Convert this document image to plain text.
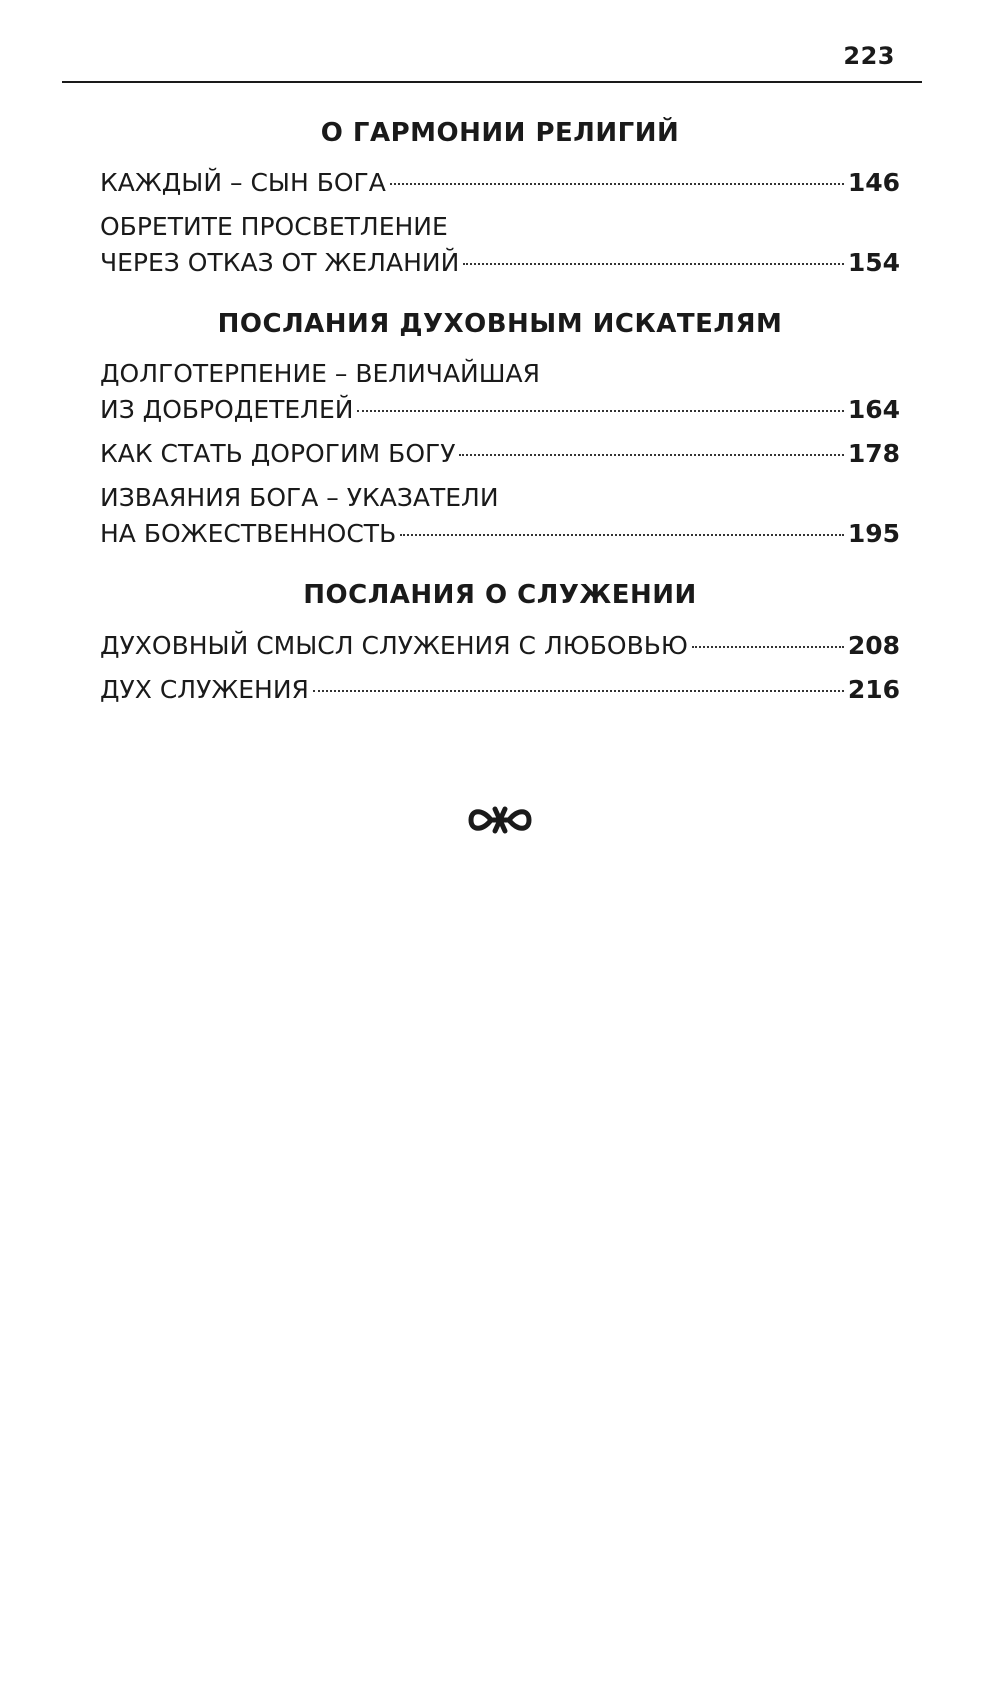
223
О ГАРМОНИИ РЕЛИГИЙ
КАЖДЫЙ – СЫН БОГА	146
ОБРЕТИТЕ ПРОСВЕТЛЕНИЕ
ЧЕРЕЗ ОТКАЗ ОТ ЖЕЛАНИЙ	154
ПОСЛАНИЯ ДУХОВНЫМ ИСКАТЕЛЯМ
ДОЛГОТЕРПЕНИЕ – ВЕЛИЧАЙШАЯ
ИЗ ДОБРОДЕТЕЛЕЙ	164
КАК СТАТЬ ДОРОГИМ БОГУ	178
ИЗВАЯНИЯ БОГА – УКАЗАТЕЛИ
НА БОЖЕСТВЕННОСТЬ	195
ПОСЛАНИЯ О СЛУЖЕНИИ
ДУХОВНЫЙ СМЫСЛ СЛУЖЕНИЯ С ЛЮБОВЬЮ	208
ДУХ СЛУЖЕНИЯ	216
